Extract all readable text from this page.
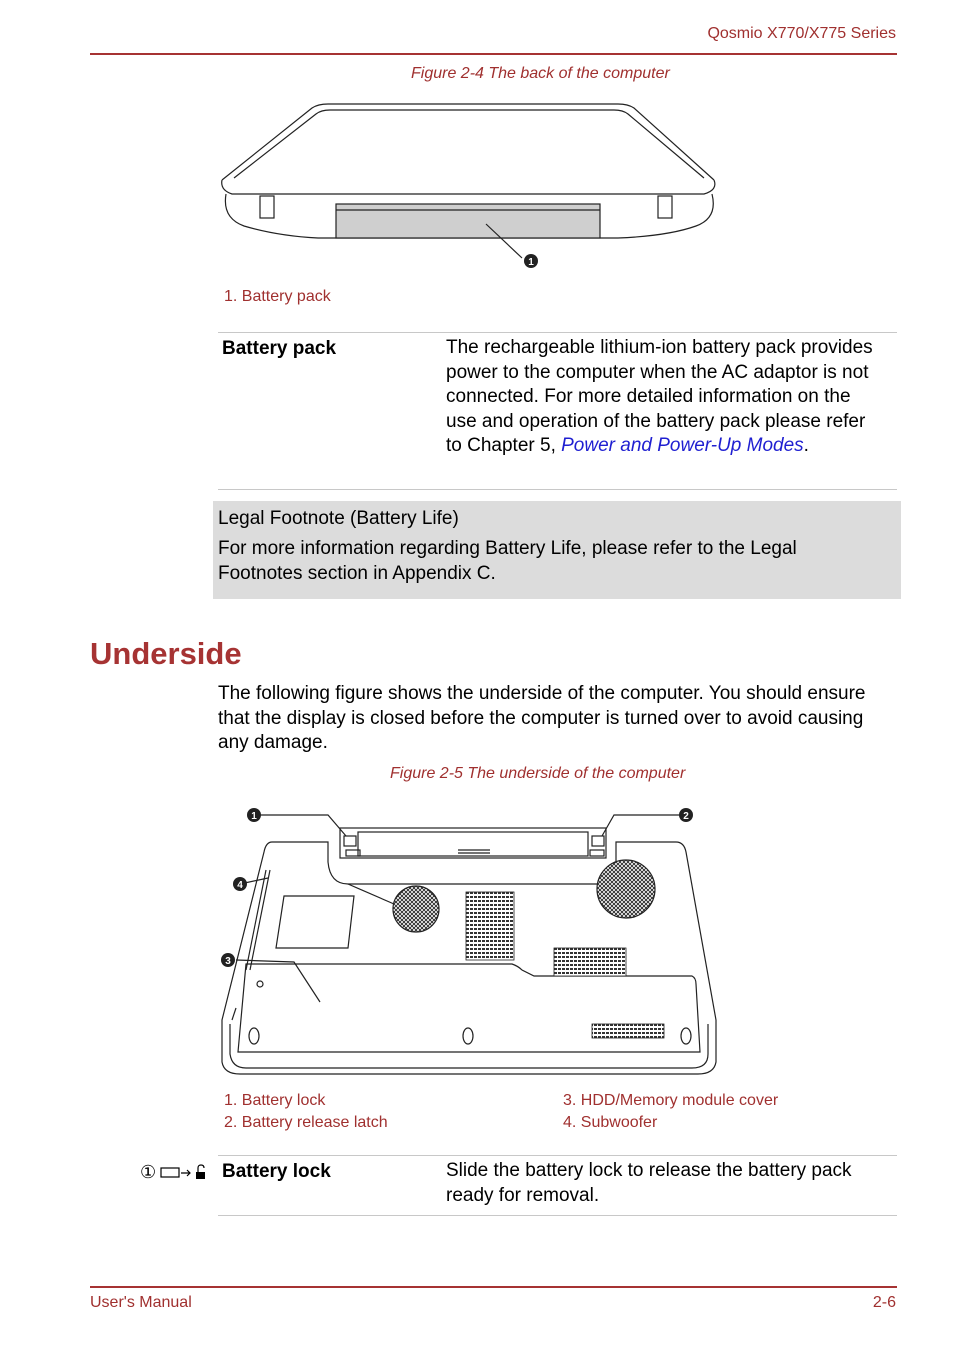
Qosmio X770/X775 Series
Figure 2-4 The back of the computer
1
1. Battery pack
Battery pack	The rechargeable lithium-ion battery pack provides power to the computer when the AC adaptor is not connected. For more detailed information on the use and operation of the battery pack please refer to Chapter 5, Power and Power-Up Modes.

Legal Footnote (Battery Life)

For more information regarding Battery Life, please refer to the Legal Footnotes section in Appendix C.

Underside
The following figure shows the underside of the computer. You should ensure that the display is closed before the computer is turned over to avoid causing any damage.
Figure 2-5 The underside of the computer
1	2
3
4
1. Battery lock
2. Battery release latch
3. HDD/Memory module cover
4. Subwoofer
①	Battery lock	Slide the battery lock to release the battery pack ready for removal.
User's Manual	2-6
